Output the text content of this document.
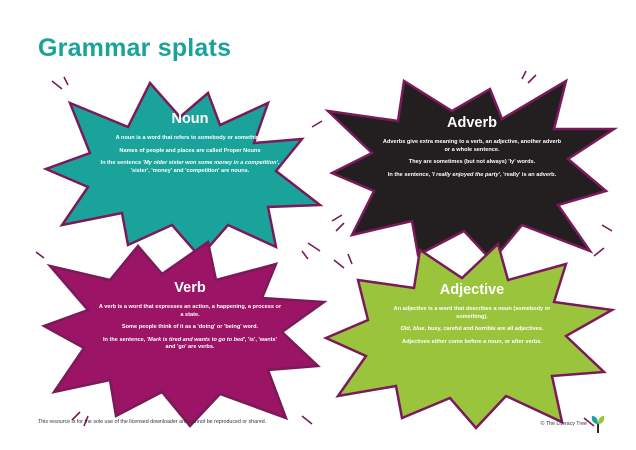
Grammar splats
Noun

A noun is a word that refers to somebody or something.

Names of people and places are called Proper Nouns

In the sentence 'My older sister won some money in a competition', 'sister', 'money' and 'competition' are nouns.

Adverb

Adverbs give extra meaning to a verb, an adjective, another adverb or a whole sentence.

They are sometimes (but not always) 'ly' words.

In the sentence, 'I really enjoyed the party', 'really' is an adverb.

Verb

A verb is a word that expresses an action, a happening, a process or a state.

Some people think of it as a 'doing' or 'being' word.

In the sentence, 'Mark is tired and wants to go to bed', 'is', 'wants' and 'go' are verbs.

Adjective

An adjective is a word that describes a noun (somebody or something).

Old, blue, busy, careful and horrible are all adjectives.

Adjectives either come before a noun, or after verbs.

This resource is for the sole use of the licensed downloader and cannot be reproduced or shared.	© The Literacy Tree
